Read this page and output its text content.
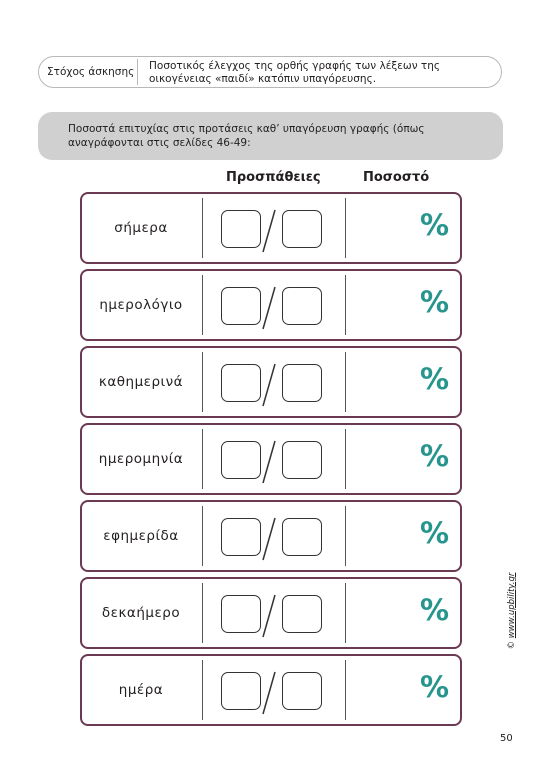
Στόχος άσκησης Ποσοτικός έλεγχος της ορθής γραφής των λέξεων της οικογένειας «παιδί» κατόπιν υπαγόρευσης.
Ποσοστά επιτυχίας στις προτάσεις καθ’ υπαγόρευση γραφής (όπως αναγράφονται στις σελίδες 46-49:
Προσπάθειες	Ποσοστό
σήμερα	%
ημερολόγιο	%
καθημερινά	%
ημερομηνία	%
εφημερίδα	%
δεκαήμερο	%
ημέρα	%
© www.upbility.gr
50
